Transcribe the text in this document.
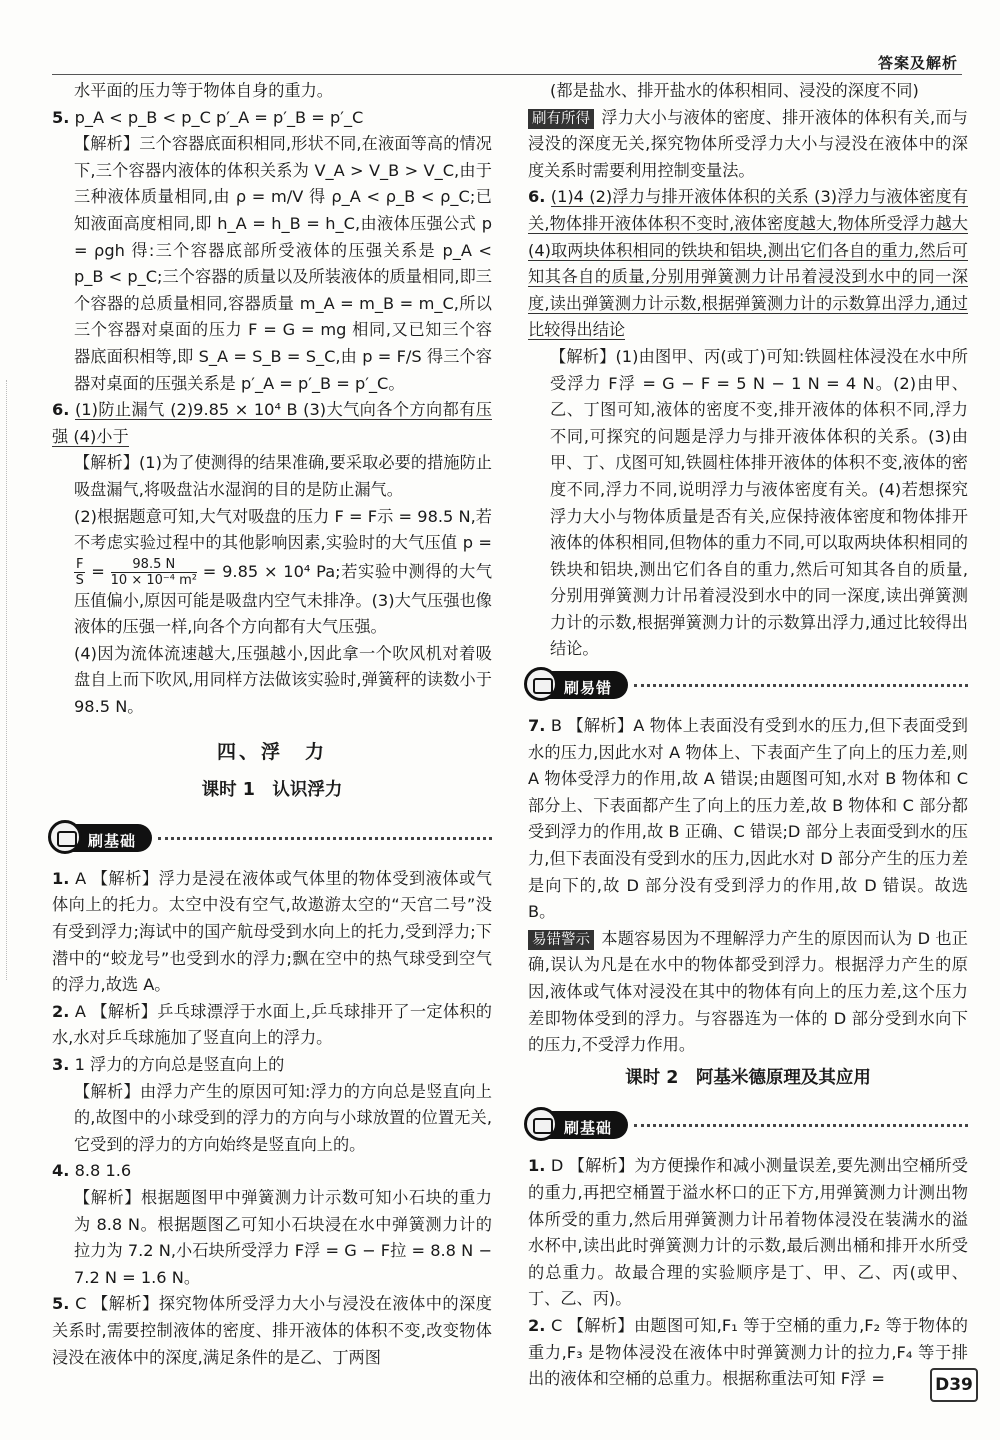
答案及解析

水平面的压力等于物体自身的重力。

5. p_A < p_B < p_C p′_A = p′_B = p′_C

【解析】三个容器底面积相同,形状不同,在液面等高的情况下,三个容器内液体的体积关系为 V_A > V_B > V_C,由于三种液体质量相同,由 ρ = m/V 得 ρ_A < ρ_B < ρ_C;已知液面高度相同,即 h_A = h_B = h_C,由液体压强公式 p = ρgh 得:三个容器底部所受液体的压强关系是 p_A < p_B < p_C;三个容器的质量以及所装液体的质量相同,即三个容器的总质量相同,容器质量 m_A = m_B = m_C,所以三个容器对桌面的压力 F = G = mg 相同,又已知三个容器底面积相等,即 S_A = S_B = S_C,由 p = F/S 得三个容器对桌面的压强关系是 p′_A = p′_B = p′_C。

6. (1)防止漏气 (2)9.85 × 10⁴ B (3)大气向各个方向都有压强 (4)小于

【解析】(1)为了使测得的结果准确,要采取必要的措施防止吸盘漏气,将吸盘沾水湿润的目的是防止漏气。

(2)根据题意可知,大气对吸盘的压力 F = F示 = 98.5 N,若不考虑实验过程中的其他影响因素,实验时的大气压值 p =
$\frac{F}{S} = \frac{98.5 N}{\text{10 × 10⁻⁴ m²}} = 9.85 \times 10^4$ Pa;若实验中测得的大气压值偏小,原因可能是吸盘内空气未排净。(3)大气压强也像液体的压强一样,向各个方向都有大气压强。

(4)因为流体流速越大,压强越小,因此拿一个吹风机对着吸盘自上而下吹风,用同样方法做该实验时,弹簧秤的读数小于98.5 N。

四、浮　力
课时 1　认识浮力
刷基础

1. A 【解析】浮力是浸在液体或气体里的物体受到液体或气体向上的托力。太空中没有空气,故遨游太空的“天宫二号”没有受到浮力;海试中的国产航母受到水向上的托力,受到浮力;下潜中的“蛟龙号”也受到水的浮力;飘在空中的热气球受到空气的浮力,故选 A。

2. A 【解析】乒乓球漂浮于水面上,乒乓球排开了一定体积的水,水对乒乓球施加了竖直向上的浮力。

3. 1 浮力的方向总是竖直向上的

【解析】由浮力产生的原因可知:浮力的方向总是竖直向上的,故图中的小球受到的浮力的方向与小球放置的位置无关,它受到的浮力的方向始终是竖直向上的。

4. 8.8 1.6

【解析】根据题图甲中弹簧测力计示数可知小石块的重力为 8.8 N。根据题图乙可知小石块浸在水中弹簧测力计的拉力为 7.2 N,小石块所受浮力 F浮 = G − F拉 = 8.8 N − 7.2 N = 1.6 N。

5. C 【解析】探究物体所受浮力大小与浸没在液体中的深度关系时,需要控制液体的密度、排开液体的体积不变,改变物体浸没在液体中的深度,满足条件的是乙、丁两图

(都是盐水、排开盐水的体积相同、浸没的深度不同)

刷有所得 浮力大小与液体的密度、排开液体的体积有关,而与浸没的深度无关,探究物体所受浮力大小与浸没在液体中的深度关系时需要利用控制变量法。

6. (1)4 (2)浮力与排开液体体积的关系 (3)浮力与液体密度有关,物体排开液体体积不变时,液体密度越大,物体所受浮力越大 (4)取两块体积相同的铁块和铝块,测出它们各自的重力,然后可知其各自的质量,分别用弹簧测力计吊着浸没到水中的同一深度,读出弹簧测力计示数,根据弹簧测力计的示数算出浮力,通过比较得出结论

【解析】(1)由图甲、丙(或丁)可知:铁圆柱体浸没在水中所受浮力 F浮 = G − F = 5 N − 1 N = 4 N。(2)由甲、乙、丁图可知,液体的密度不变,排开液体的体积不同,浮力不同,可探究的问题是浮力与排开液体体积的关系。(3)由甲、丁、戊图可知,铁圆柱体排开液体的体积不变,液体的密度不同,浮力不同,说明浮力与液体密度有关。(4)若想探究浮力大小与物体质量是否有关,应保持液体密度和物体排开液体的体积相同,但物体的重力不同,可以取两块体积相同的铁块和铝块,测出它们各自的重力,然后可知其各自的质量,分别用弹簧测力计吊着浸没到水中的同一深度,读出弹簧测力计的示数,根据弹簧测力计的示数算出浮力,通过比较得出结论。

刷易错

7. B 【解析】A 物体上表面没有受到水的压力,但下表面受到水的压力,因此水对 A 物体上、下表面产生了向上的压力差,则 A 物体受浮力的作用,故 A 错误;由题图可知,水对 B 物体和 C 部分上、下表面都产生了向上的压力差,故 B 物体和 C 部分都受到浮力的作用,故 B 正确、C 错误;D 部分上表面受到水的压力,但下表面没有受到水的压力,因此水对 D 部分产生的压力差是向下的,故 D 部分没有受到浮力的作用,故 D 错误。故选 B。

易错警示 本题容易因为不理解浮力产生的原因而认为 D 也正确,误认为凡是在水中的物体都受到浮力。根据浮力产生的原因,液体或气体对浸没在其中的物体有向上的压力差,这个压力差即物体受到的浮力。与容器连为一体的 D 部分受到水向下的压力,不受浮力作用。

课时 2　阿基米德原理及其应用
刷基础

1. D 【解析】为方便操作和减小测量误差,要先测出空桶所受的重力,再把空桶置于溢水杯口的正下方,用弹簧测力计测出物体所受的重力,然后用弹簧测力计吊着物体浸没在装满水的溢水杯中,读出此时弹簧测力计的示数,最后测出桶和排开水所受的总重力。故最合理的实验顺序是丁、甲、乙、丙(或甲、丁、乙、丙)。

2. C 【解析】由题图可知,F₁ 等于空桶的重力,F₂ 等于物体的重力,F₃ 是物体浸没在液体中时弹簧测力计的拉力,F₄ 等于排出的液体和空桶的总重力。根据称重法可知 F浮 =	D39
